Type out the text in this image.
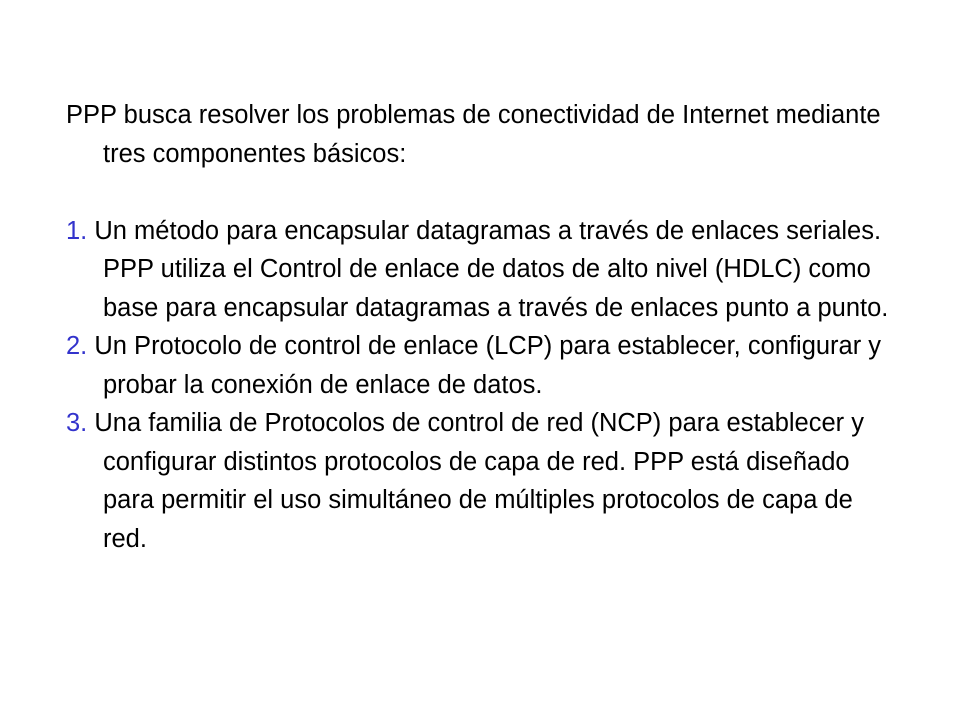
PPP busca resolver los problemas de conectividad de Internet mediante tres componentes básicos:

1. Un método para encapsular datagramas a través de enlaces seriales. PPP utiliza el Control de enlace de datos de alto nivel (HDLC) como base para encapsular datagramas a través de enlaces punto a punto.

2. Un Protocolo de control de enlace (LCP) para establecer, configurar y probar la conexión de enlace de datos.

3. Una familia de Protocolos de control de red (NCP) para establecer y configurar distintos protocolos de capa de red. PPP está diseñado para permitir el uso simultáneo de múltiples protocolos de capa de red.
